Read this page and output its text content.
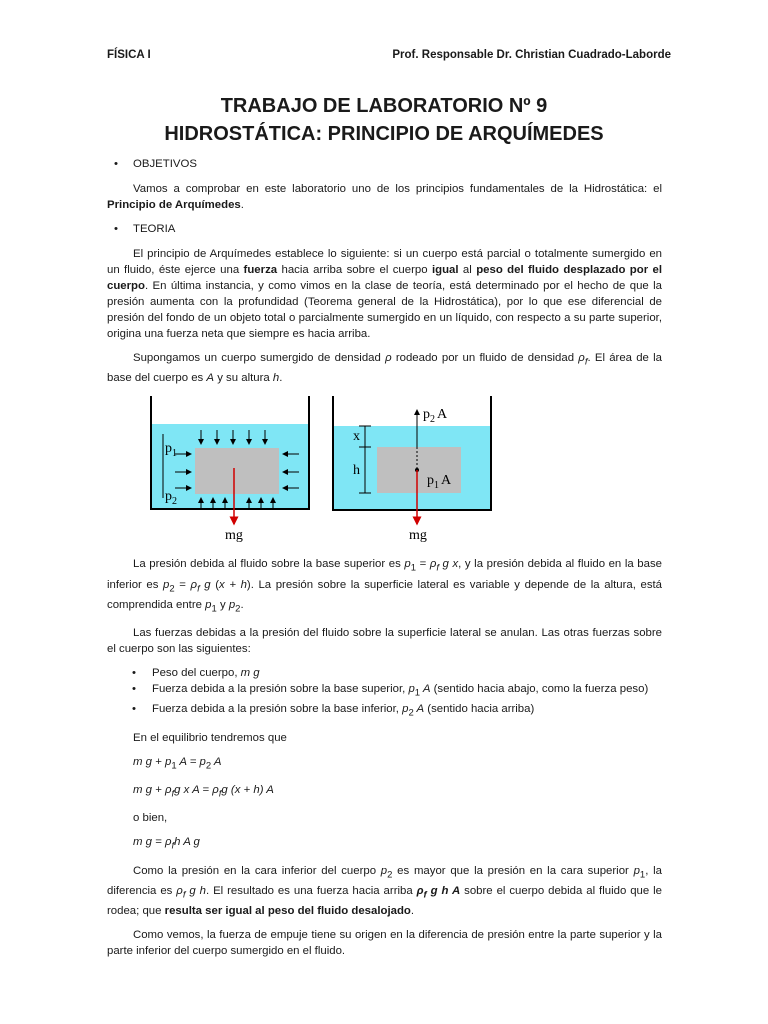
FÍSICA I	Prof. Responsable Dr. Christian Cuadrado-Laborde
TRABAJO DE LABORATORIO Nº 9
HIDROSTÁTICA: PRINCIPIO DE ARQUÍMEDES
• OBJETIVOS

Vamos a comprobar en este laboratorio uno de los principios fundamentales de la Hidrostática: el Principio de Arquímedes.

• TEORIA

El principio de Arquímedes establece lo siguiente: si un cuerpo está parcial o totalmente sumergido en un fluido, éste ejerce una fuerza hacia arriba sobre el cuerpo igual al peso del fluido desplazado por el cuerpo. En última instancia, y como vimos en la clase de teoría, está determinado por el hecho de que la presión aumenta con la profundidad (Teorema general de la Hidrostática), por lo que ese diferencial de presión del fondo de un objeto total o parcialmente sumergido en un líquido, con respecto a su parte superior, origina una fuerza neta que siempre es hacia arriba.

Supongamos un cuerpo sumergido de densidad ρ rodeado por un fluido de densidad $\rho_f$. El área de la base del cuerpo es A y su altura h.

$p_1$
$p_2$
mg
$p_2$ A
$p_1$ A
x
h
mg

La presión debida al fluido sobre la base superior es $p_1 = \rho_f$ g x, y la presión debida al fluido en la base inferior es $p_2 = \rho_f$ g (x + h). La presión sobre la superficie lateral es variable y depende de la altura, está comprendida entre $p_1$ y $p_2$.

Las fuerzas debidas a la presión del fluido sobre la superficie lateral se anulan. Las otras fuerzas sobre el cuerpo son las siguientes:

• Peso del cuerpo, m g
• Fuerza debida a la presión sobre la base superior, $p_1$ A (sentido hacia abajo, como la fuerza peso)
• Fuerza debida a la presión sobre la base inferior, $p_2$ A (sentido hacia arriba)
En el equilibrio tendremos que
m $g + p_1$ $A = p_2$ A
m $g + \rho_fg$ x $A = \rho_fg$ (x + h) A
o bien,
m $g = \rho_fh$ A g

Como la presión en la cara inferior del cuerpo $p_2$ es mayor que la presión en la cara superior $p_1$, la diferencia es $\rho_f$ g h. El resultado es una fuerza hacia arriba $\rho_f$ g h A sobre el cuerpo debida al fluido que le rodea; que resulta ser igual al peso del fluido desalojado.

Como vemos, la fuerza de empuje tiene su origen en la diferencia de presión entre la parte superior y la parte inferior del cuerpo sumergido en el fluido.
